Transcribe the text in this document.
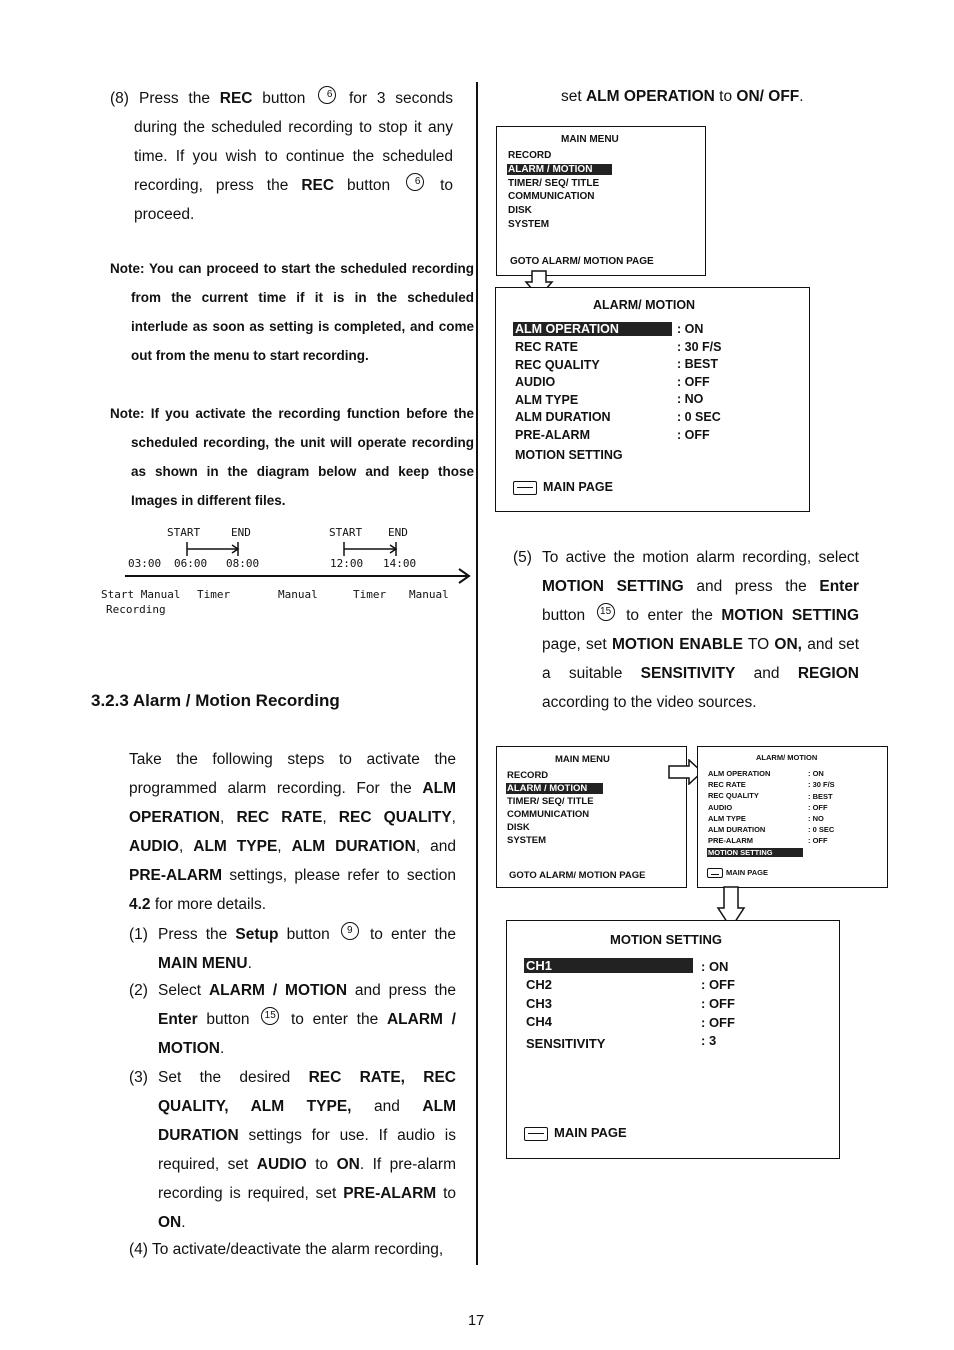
(8) Press the REC button 6 for 3 seconds during the scheduled recording to stop it any time. If you wish to continue the scheduled recording, press the REC button 6 to proceed.

Note: You can proceed to start the scheduled recording from the current time if it is in the scheduled interlude as soon as setting is completed, and come out from the menu to start recording.

Note: If you activate the recording function before the scheduled recording, the unit will operate recording as shown in the diagram below and keep those Images in different files.

START	END	START END
03:00 06:00 08:00	12:00 14:00
Start Manual
Recording
Timer	Manual	Timer Manual
3.2.3 Alarm / Motion Recording

Take the following steps to activate the programmed alarm recording. For the ALM OPERATION, REC RATE, REC QUALITY, AUDIO, ALM TYPE, ALM DURATION, and PRE-ALARM settings, please refer to section 4.2 for more details.

(1) Press the Setup button 9 to enter the MAIN MENU.

(2) Select ALARM / MOTION and press the Enter button 15 to enter the ALARM / MOTION.

(3) Set the desired REC RATE, REC QUALITY, ALM TYPE, and ALM DURATION settings for use. If audio is required, set AUDIO to ON. If pre-alarm recording is required, set PRE-ALARM to ON.

(4) To activate/deactivate the alarm recording,

set ALM OPERATION to ON/ OFF.

MAIN MENU
RECORD
ALARM / MOTION
TIMER/ SEQ/ TITLE
COMMUNICATION
DISK
SYSTEM
GOTO ALARM/ MOTION PAGE
ALARM/ MOTION
ALM OPERATION	: ON
REC RATE	: 30 F/S
REC QUALITY	: BEST
AUDIO	: OFF
ALM TYPE	: NO
ALM DURATION	: 0 SEC
PRE-ALARM	: OFF
MOTION SETTING
MAIN PAGE
(5) To active the motion alarm recording, select MOTION SETTING and press the Enter button 15 to enter the MOTION SETTING page, set MOTION ENABLE TO ON, and set a suitable SENSITIVITY and REGION according to the video sources.

MAIN MENU
RECORD
ALARM / MOTION
TIMER/ SEQ/ TITLE
COMMUNICATION
DISK
SYSTEM
GOTO ALARM/ MOTION PAGE
ALARM/ MOTION
ALM OPERATION	: ON
REC RATE	: 30 F/S
REC QUALITY	: BEST
AUDIO	: OFF
ALM TYPE	: NO
ALM DURATION	: 0 SEC
PRE-ALARM	: OFF
MOTION SETTING
MAIN PAGE
MOTION SETTING
CH1	: ON
CH2	: OFF
CH3	: OFF
CH4	: OFF
SENSITIVITY	: 3
MAIN PAGE
17
